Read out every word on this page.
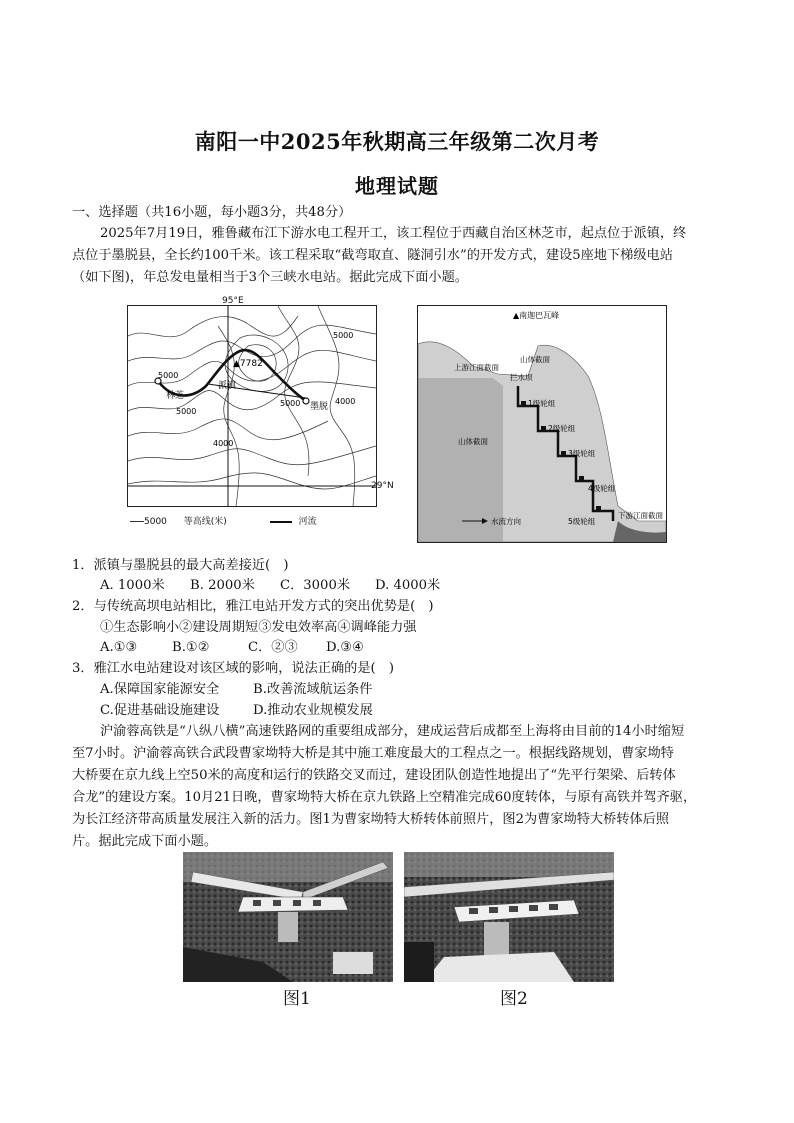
南阳一中2025年秋期高三年级第二次月考
地理试题
一、选择题（共16小题，每小题3分，共48分）
2025年7月19日，雅鲁藏布江下游水电工程开工，该工程位于西藏自治区林芝市，起点位于派镇，终
点位于墨脱县，全长约100千米。该工程采取“截弯取直、隧洞引水”的开发方式，建设5座地下梯级电站
（如下图)，年总发电量相当于3个三峡水电站。据此完成下面小题。
▲7782
派镇
林芝
墨脱
5000
5000
5000
5000	4000
4000
95°E
29°N
5000 等高线(米)	河流
▲南迦巴瓦峰
上游江面截面
拦水坝
山体截面
山体截面
1级轮组
2级轮组
3级轮组
4级轮组
5级轮组
下游江面截面
水流方向
1．派镇与墨脱县的最大高差接近(　)
A. 1000米 B. 2000米 C．3000米 D. 4000米
2．与传统高坝电站相比，雅江电站开发方式的突出优势是(　)
①生态影响小②建设周期短③发电效率高④调峰能力强
A.①③	B.①②	C．②③ D.③④
3．雅江水电站建设对该区域的影响，说法正确的是(　)
A.保障国家能源安全	B.改善流域航运条件
C.促进基础设施建设	D.推动农业规模发展
沪渝蓉高铁是“八纵八横”高速铁路网的重要组成部分，建成运营后成都至上海将由目前的14小时缩短
至7小时。沪渝蓉高铁合武段曹家坳特大桥是其中施工难度最大的工程点之一。根据线路规划，曹家坳特
大桥要在京九线上空50米的高度和运行的铁路交叉而过，建设团队创造性地提出了“先平行架梁、后转体
合龙”的建设方案。10月21日晚，曹家坳特大桥在京九铁路上空精准完成60度转体，与原有高铁并驾齐驱，
为长江经济带高质量发展注入新的活力。图1为曹家坳特大桥转体前照片，图2为曹家坳特大桥转体后照
片。据此完成下面小题。
图1	图2
